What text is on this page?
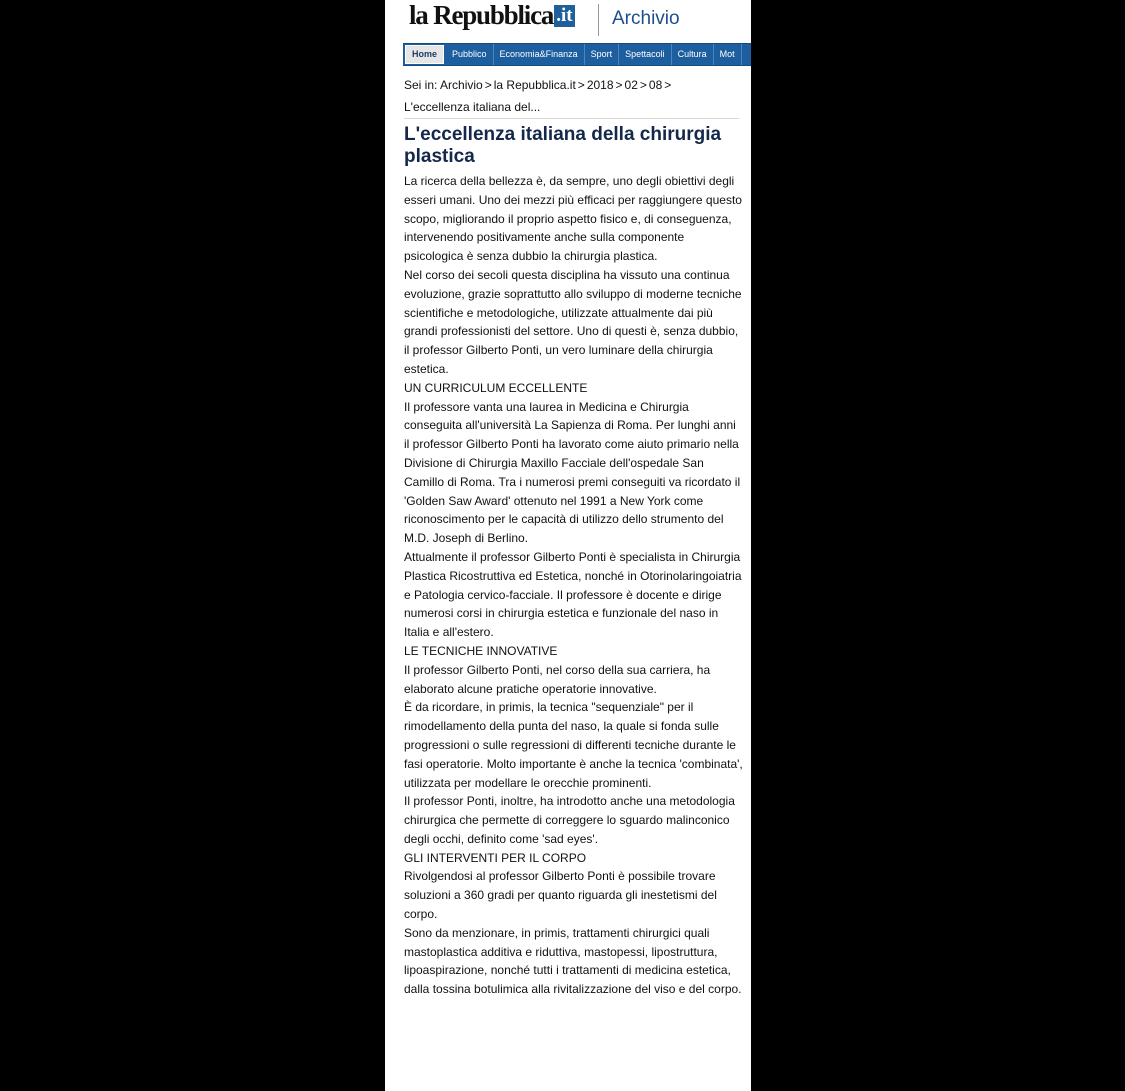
la Repubblica .it Archivio
Home	Pubblico	Economia&Finanza	Sport	Spettacoli	Cultura	Mot
Sei in: Archivio > la Repubblica.it > 2018 > 02 > 08 >
L'eccellenza italiana del...
L'eccellenza italiana della chirurgia plastica

La ricerca della bellezza è, da sempre, uno degli obiettivi degli esseri umani. Uno dei mezzi più efficaci per raggiungere questo scopo, migliorando il proprio aspetto fisico e, di conseguenza, intervenendo positivamente anche sulla componente psicologica è senza dubbio la chirurgia plastica.

Nel corso dei secoli questa disciplina ha vissuto una continua evoluzione, grazie soprattutto allo sviluppo di moderne tecniche scientifiche e metodologiche, utilizzate attualmente dai più grandi professionisti del settore. Uno di questi è, senza dubbio, il professor Gilberto Ponti, un vero luminare della chirurgia estetica.

UN CURRICULUM ECCELLENTE

Il professore vanta una laurea in Medicina e Chirurgia conseguita all'università La Sapienza di Roma. Per lunghi anni il professor Gilberto Ponti ha lavorato come aiuto primario nella Divisione di Chirurgia Maxillo Facciale dell'ospedale San Camillo di Roma. Tra i numerosi premi conseguiti va ricordato il 'Golden Saw Award' ottenuto nel 1991 a New York come riconoscimento per le capacità di utilizzo dello strumento del M.D. Joseph di Berlino.

Attualmente il professor Gilberto Ponti è specialista in Chirurgia Plastica Ricostruttiva ed Estetica, nonché in Otorinolaringoiatria e Patologia cervico-facciale. Il professore è docente e dirige numerosi corsi in chirurgia estetica e funzionale del naso in Italia e all'estero.

LE TECNICHE INNOVATIVE

Il professor Gilberto Ponti, nel corso della sua carriera, ha elaborato alcune pratiche operatorie innovative.

È da ricordare, in primis, la tecnica "sequenziale" per il rimodellamento della punta del naso, la quale si fonda sulle progressioni o sulle regressioni di differenti tecniche durante le fasi operatorie. Molto importante è anche la tecnica 'combinata', utilizzata per modellare le orecchie prominenti.

Il professor Ponti, inoltre, ha introdotto anche una metodologia chirurgica che permette di correggere lo sguardo malinconico degli occhi, definito come 'sad eyes'.

GLI INTERVENTI PER IL CORPO

Rivolgendosi al professor Gilberto Ponti è possibile trovare soluzioni a 360 gradi per quanto riguarda gli inestetismi del corpo.

Sono da menzionare, in primis, trattamenti chirurgici quali mastoplastica additiva e riduttiva, mastopessi, lipostruttura, lipoaspirazione, nonché tutti i trattamenti di medicina estetica, dalla tossina botulimica alla rivitalizzazione del viso e del corpo.
